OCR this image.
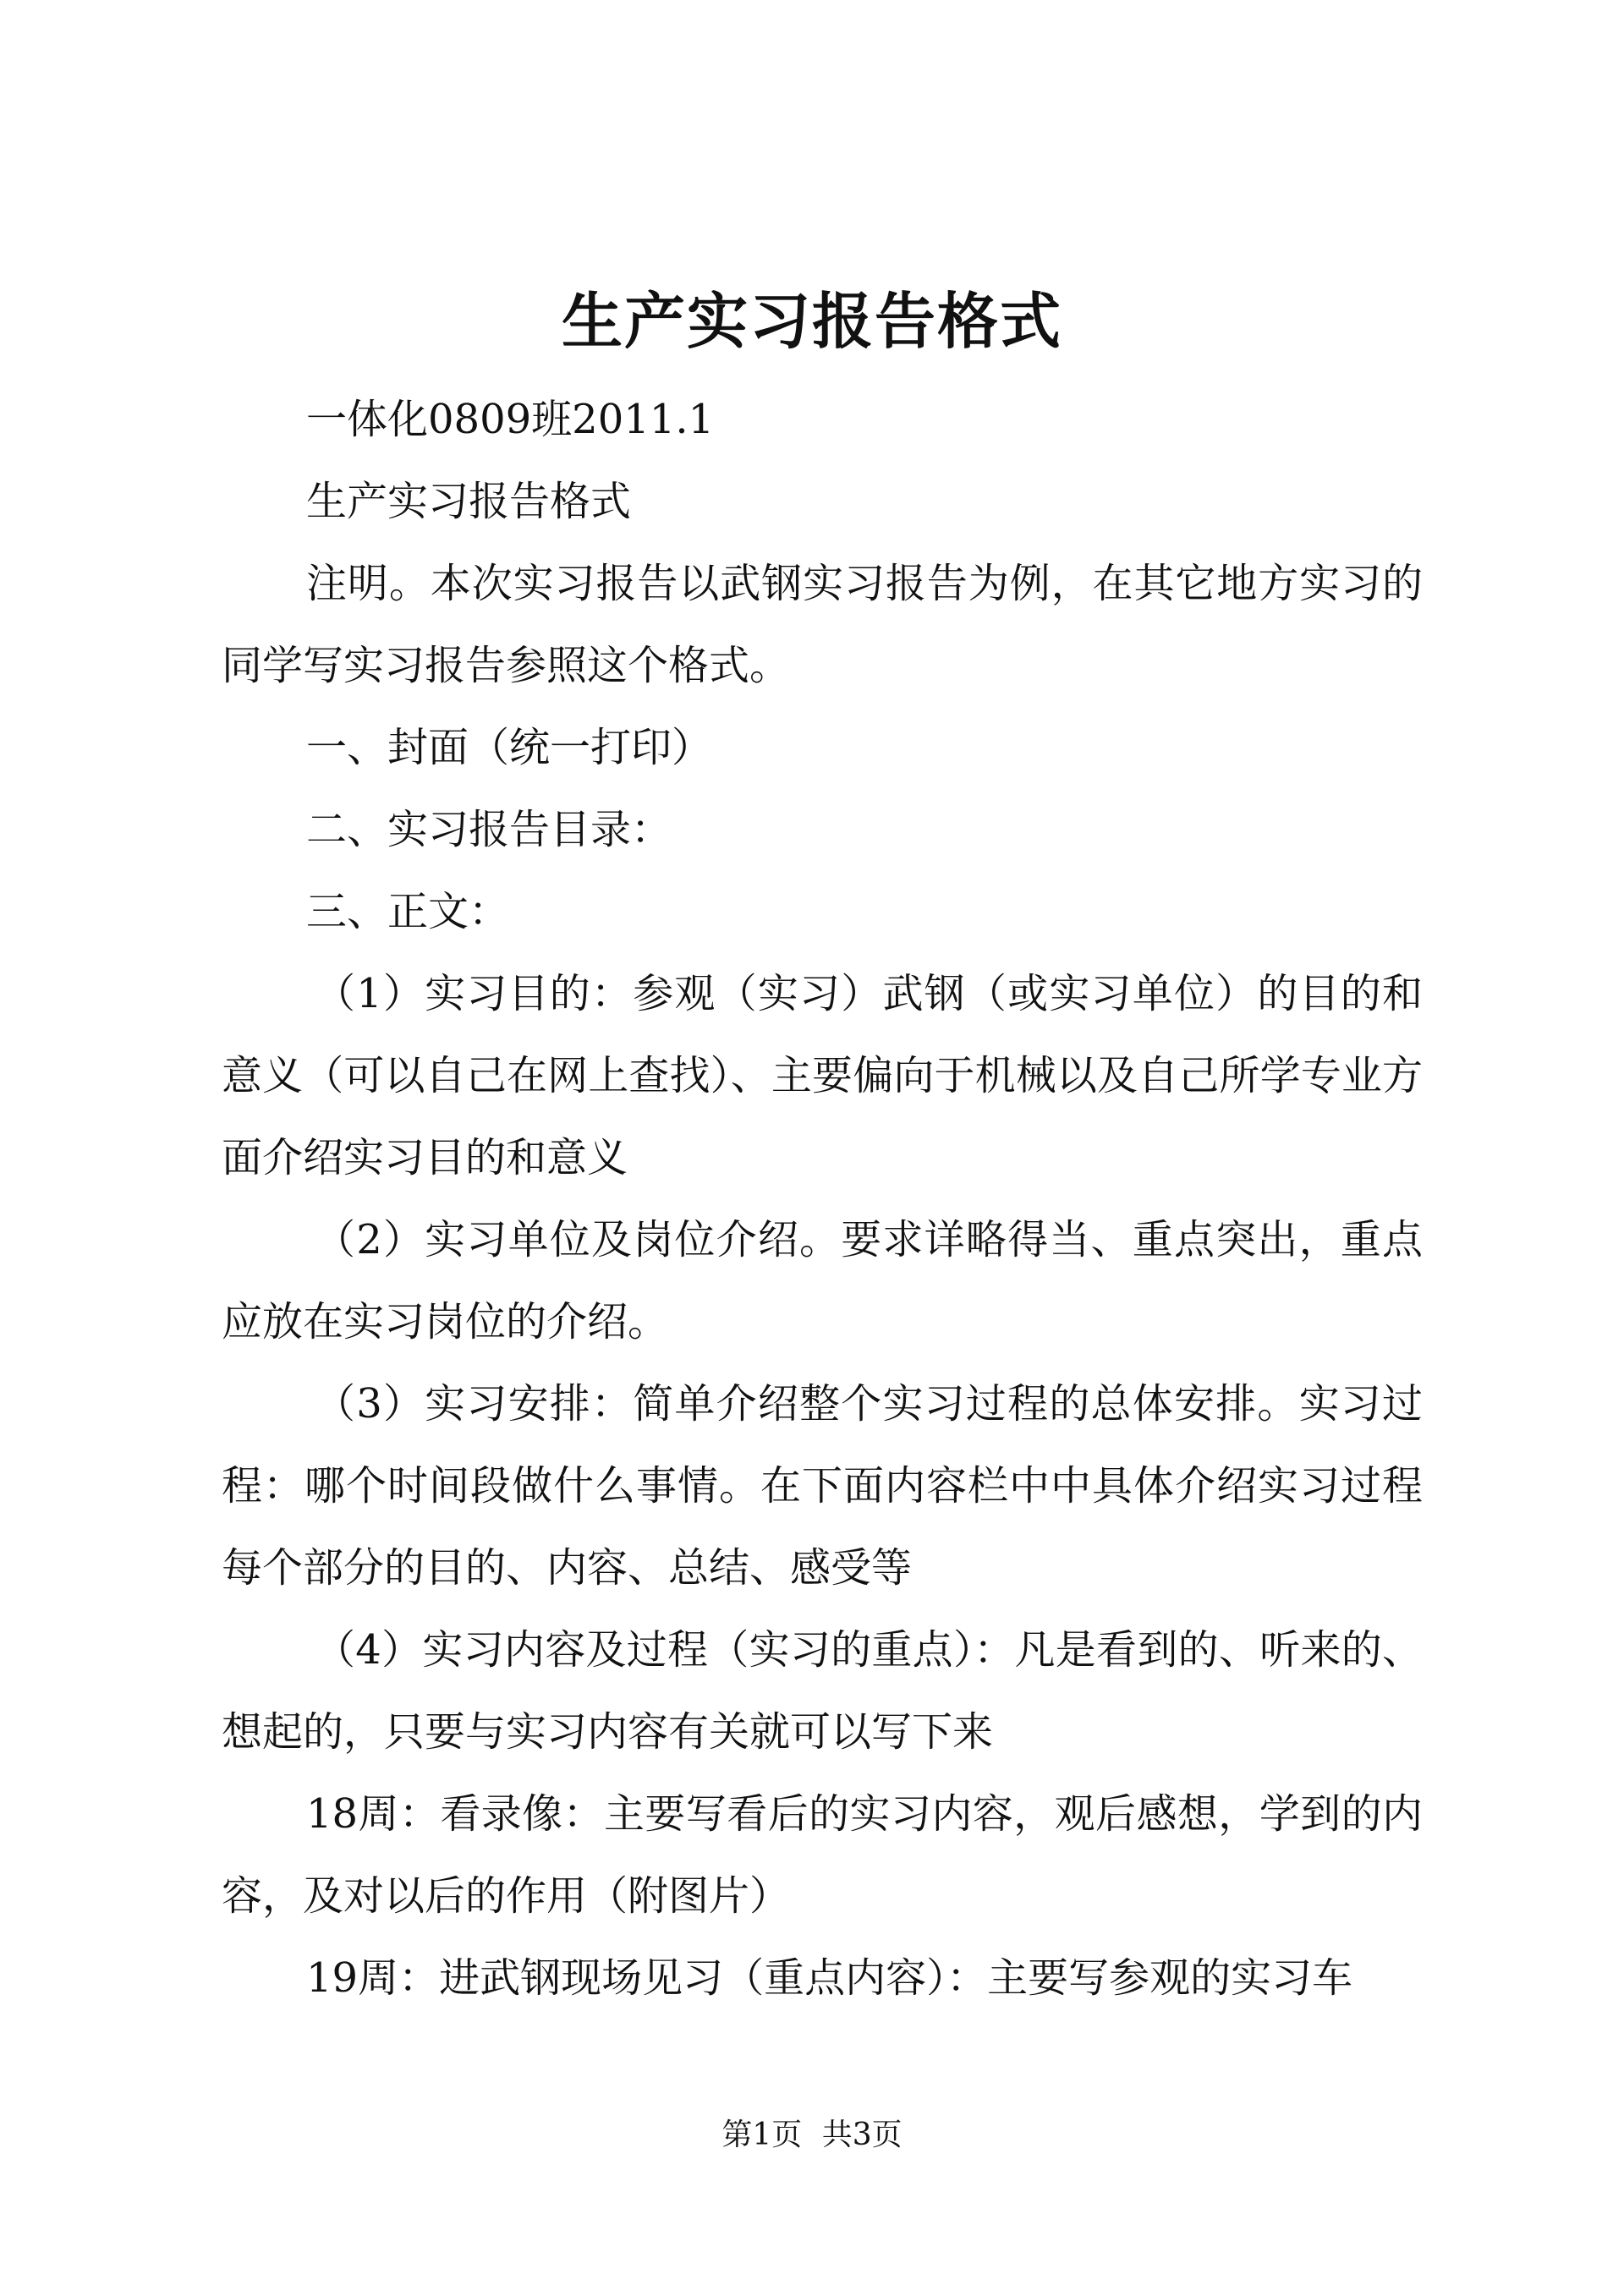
生产实习报告格式

一体化0809班2011.1

生产实习报告格式

注明。本次实习报告以武钢实习报告为例，在其它地方实习的同学写实习报告参照这个格式。

一、封面（统一打印）

二、实习报告目录：

三、正文：

（1）实习目的：参观（实习）武钢（或实习单位）的目的和意义（可以自己在网上查找）、主要偏向于机械以及自己所学专业方面介绍实习目的和意义

（2）实习单位及岗位介绍。要求详略得当、重点突出，重点应放在实习岗位的介绍。

（3）实习安排：简单介绍整个实习过程的总体安排。实习过程：哪个时间段做什么事情。在下面内容栏中中具体介绍实习过程每个部分的目的、内容、总结、感受等

（4）实习内容及过程（实习的重点）：凡是看到的、听来的、想起的，只要与实习内容有关就可以写下来

18周：看录像：主要写看后的实习内容，观后感想，学到的内容，及对以后的作用（附图片）

19周：进武钢现场见习（重点内容）：主要写参观的实习车

第1页 共3页
